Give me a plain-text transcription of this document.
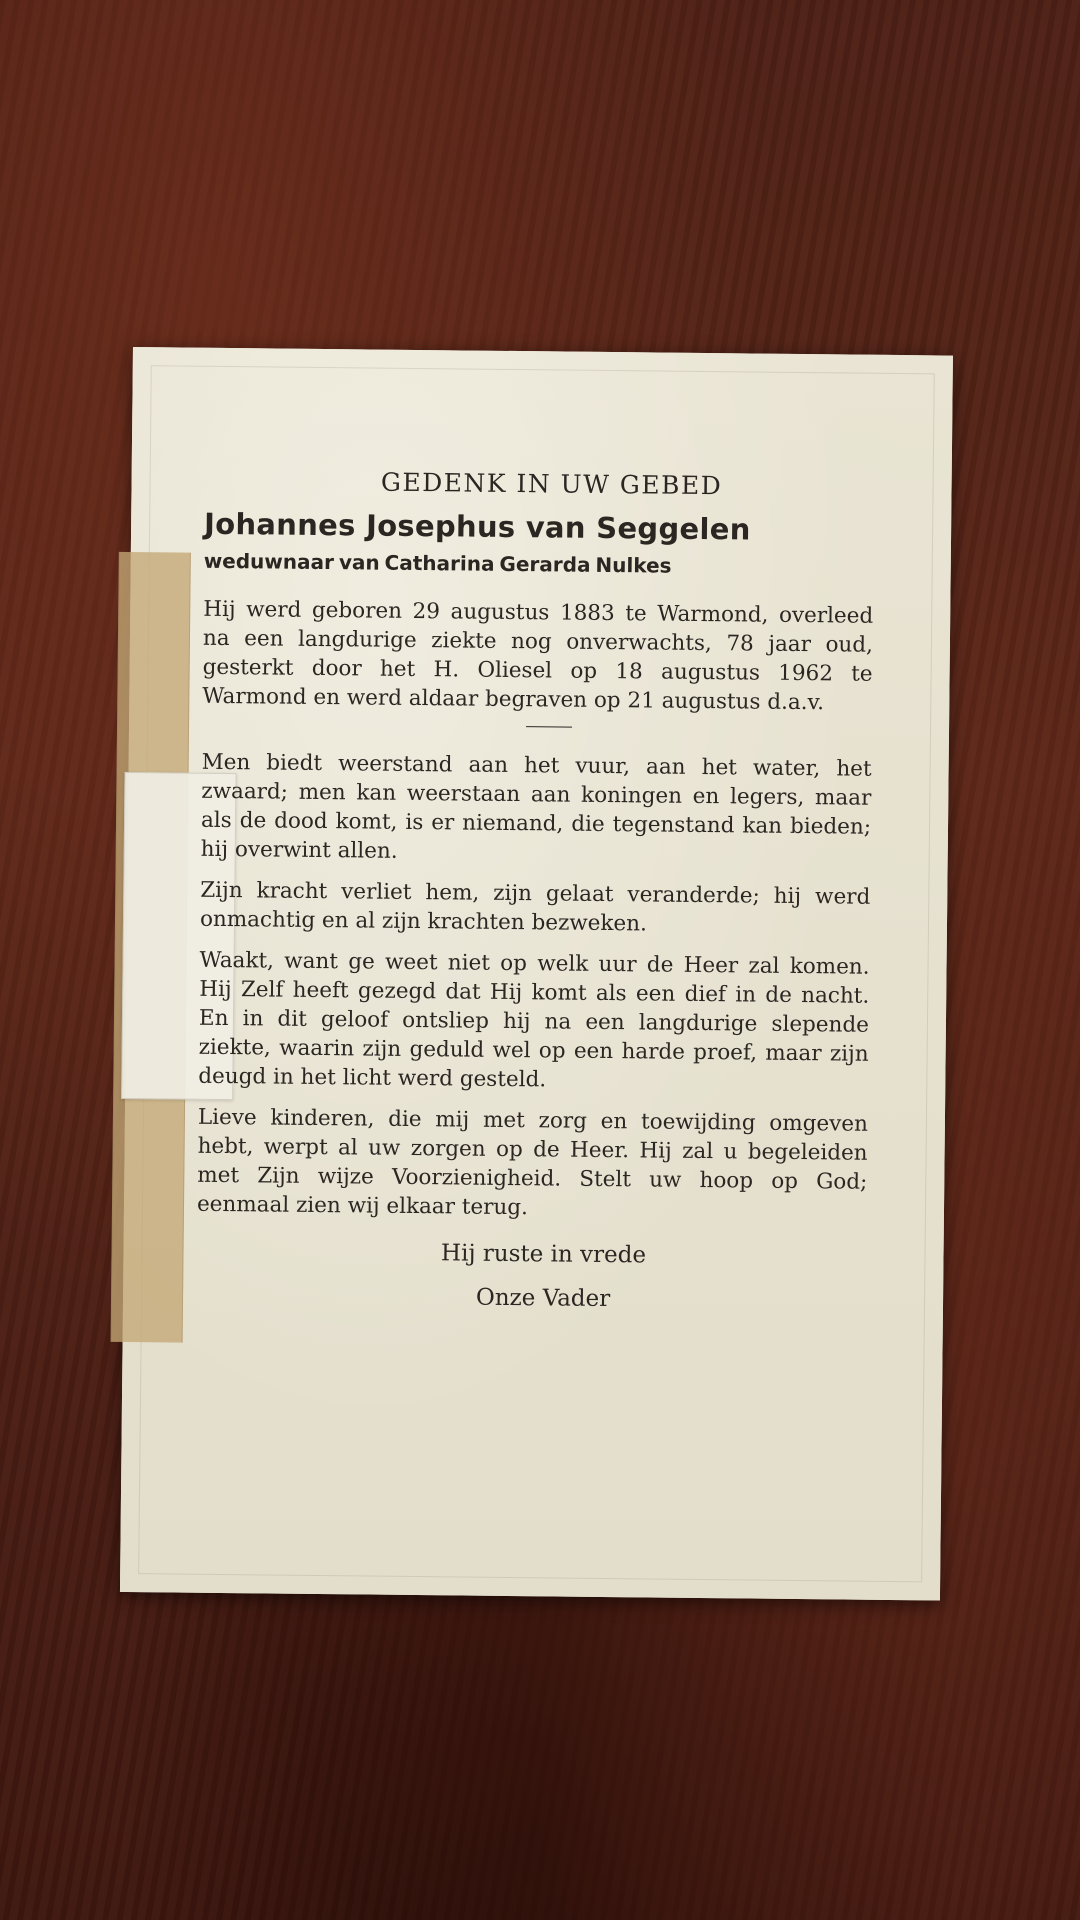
GEDENK IN UW GEBED
Johannes Josephus van Seggelen
weduwnaar van Catharina Gerarda Nulkes
Hij werd geboren 29 augustus 1883 te Warmond, overleed na een langdurige ziekte nog onverwachts, 78 jaar oud, gesterkt door het H. Oliesel op 18 augustus 1962 te Warmond en werd aldaar begraven op 21 augustus d.a.v.
Men biedt weerstand aan het vuur, aan het water, het zwaard; men kan weerstaan aan koningen en legers, maar als de dood komt, is er niemand, die tegenstand kan bieden; hij overwint allen.
Zijn kracht verliet hem, zijn gelaat veranderde; hij werd onmachtig en al zijn krachten bezweken.
Waakt, want ge weet niet op welk uur de Heer zal komen. Hij Zelf heeft gezegd dat Hij komt als een dief in de nacht. En in dit geloof ontsliep hij na een langdurige slepende ziekte, waarin zijn geduld wel op een harde proef, maar zijn deugd in het licht werd gesteld.
Lieve kinderen, die mij met zorg en toewijding omgeven hebt, werpt al uw zorgen op de Heer. Hij zal u begeleiden met Zijn wijze Voorzienigheid. Stelt uw hoop op God; eenmaal zien wij elkaar terug.
Hij ruste in vrede
Onze Vader
